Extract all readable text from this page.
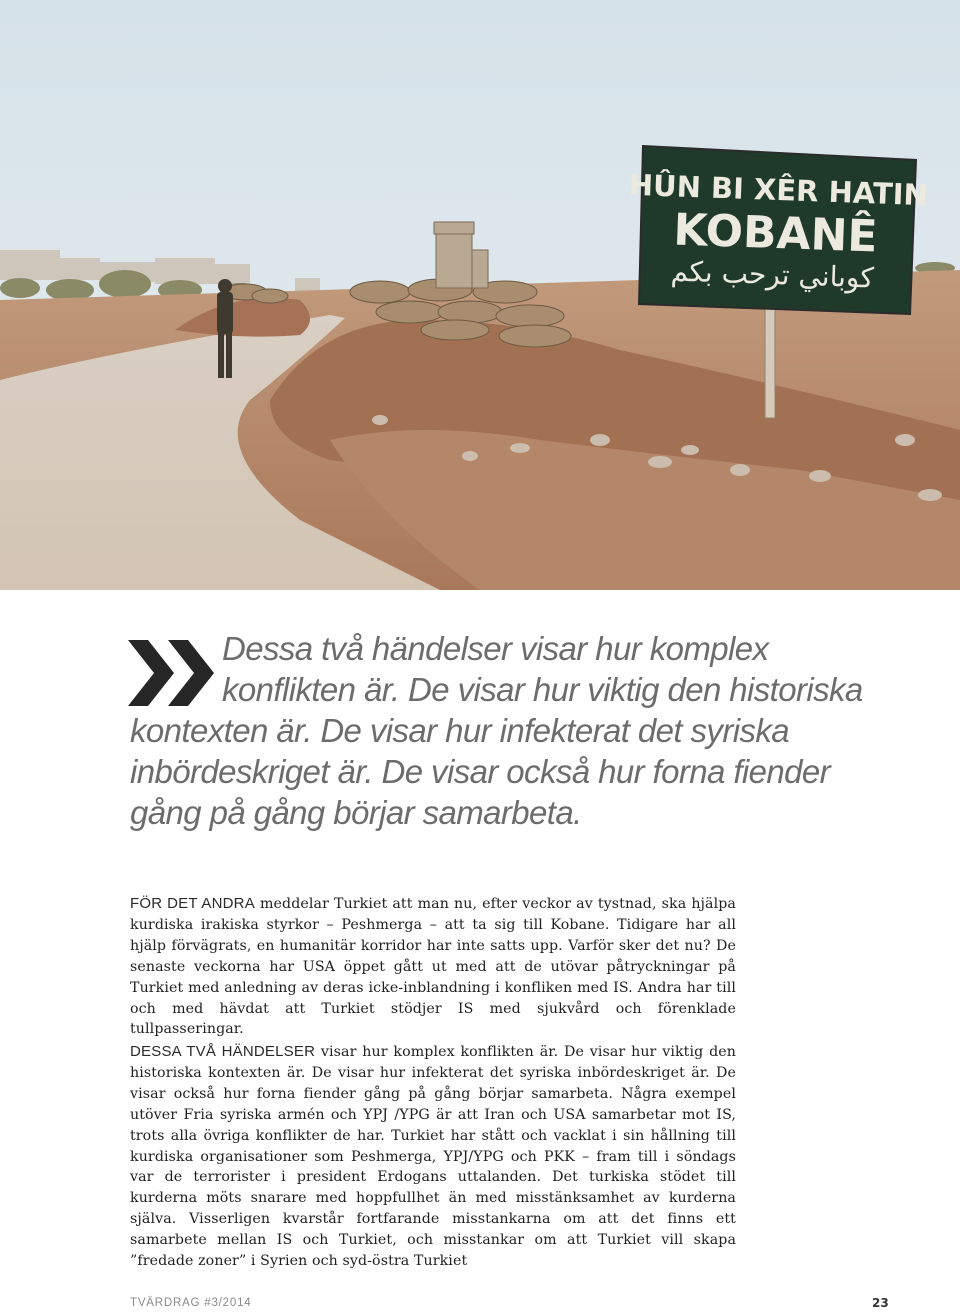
HÛN BI XÊR HATIN
KOBANÊ
كوباني ترحب بكم

Dessa två händelser visar hur komplex konflikten är. De visar hur viktig den historiska kontexten är. De visar hur infekterat det syriska inbördeskriget är. De visar också hur forna fiender gång på gång börjar samarbeta.

FÖR DET ANDRA meddelar Turkiet att man nu, efter veckor av tystnad, ska hjälpa kurdiska irakiska styrkor – Peshmerga – att ta sig till Kobane. Tidigare har all hjälp förvägrats, en humanitär korridor har inte satts upp. Varför sker det nu? De senaste veckorna har USA öppet gått ut med att de utövar påtryckningar på Turkiet med anledning av deras icke-inblandning i konfliken med IS. Andra har till och med hävdat att Turkiet stödjer IS med sjukvård och förenklade tullpasseringar.

DESSA TVÅ HÄNDELSER visar hur komplex konflikten är. De visar hur viktig den historiska kontexten är. De visar hur infekterat det syriska inbördeskriget är. De visar också hur forna fiender gång på gång börjar samarbeta. Några exempel utöver Fria syriska armén och YPJ /YPG är att Iran och USA samarbetar mot IS, trots alla övriga konflikter de har. Turkiet har stått och vacklat i sin hållning till kurdiska organisationer som Peshmerga, YPJ/YPG och PKK – fram till i söndags var de terrorister i president Erdogans uttalanden. Det turkiska stödet till kurderna möts snarare med hoppfullhet än med misstänksamhet av kurderna själva. Visserligen kvarstår fortfarande misstankarna om att det finns ett samarbete mellan IS och Turkiet, och misstankar om att Turkiet vill skapa ”fredade zoner” i Syrien och syd-östra Turkiet

TVÄRDRAG #3/2014	23
